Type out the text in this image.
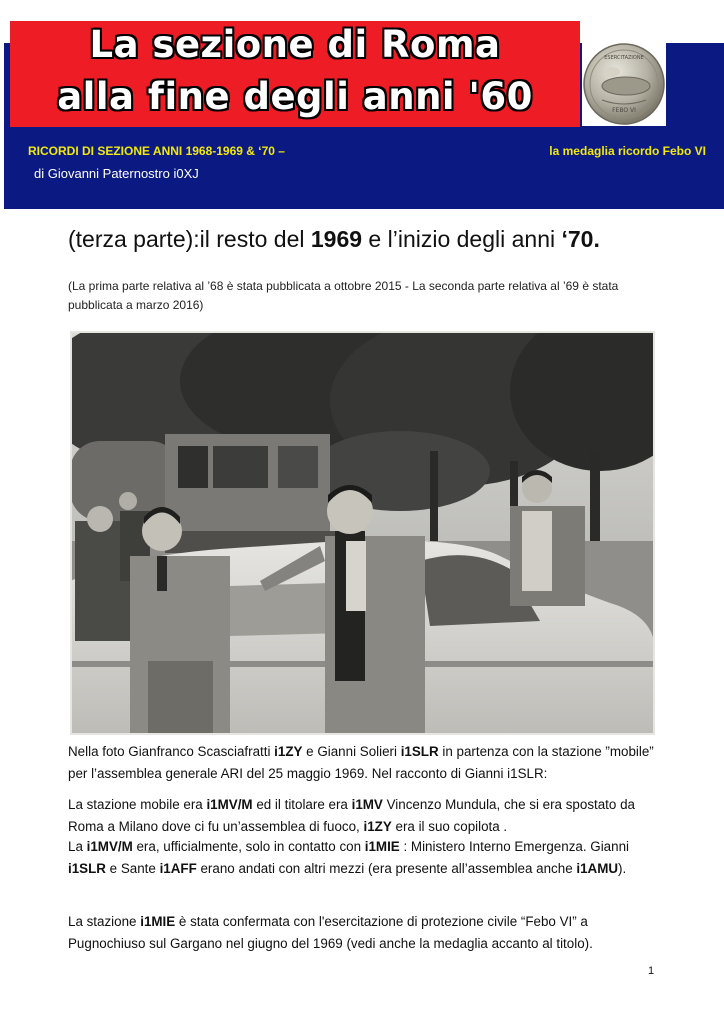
La sezione di Roma
alla fine degli anni '60
ESERCITAZIONE
FEBO VI
RICORDI DI SEZIONE ANNI 1968-1969 & ‘70 –	la medaglia ricordo Febo VI
di Giovanni Paternostro i0XJ
(terza parte):il resto del 1969 e l’inizio degli anni ‘70.
(La prima parte relativa al ’68 è stata pubblicata a ottobre 2015 - La seconda parte relativa al ’69 è stata pubblicata a marzo 2016)
Nella foto Gianfranco Scasciafratti i1ZY e Gianni Solieri i1SLR in partenza con la stazione ”mobile” per l’assemblea generale ARI del 25 maggio 1969. Nel racconto di Gianni i1SLR:
La stazione mobile era i1MV/M ed il titolare era i1MV Vincenzo Mundula, che si era spostato da Roma a Milano dove ci fu un’assemblea di fuoco, i1ZY era il suo copilota .
La i1MV/M era, ufficialmente, solo in contatto con i1MIE : Ministero Interno Emergenza. Gianni i1SLR e Sante i1AFF erano andati con altri mezzi (era presente all’assemblea anche i1AMU).
La stazione i1MIE è stata confermata con l'esercitazione di protezione civile “Febo VI” a Pugnochiuso sul Gargano nel giugno del 1969 (vedi anche la medaglia accanto al titolo).
1
